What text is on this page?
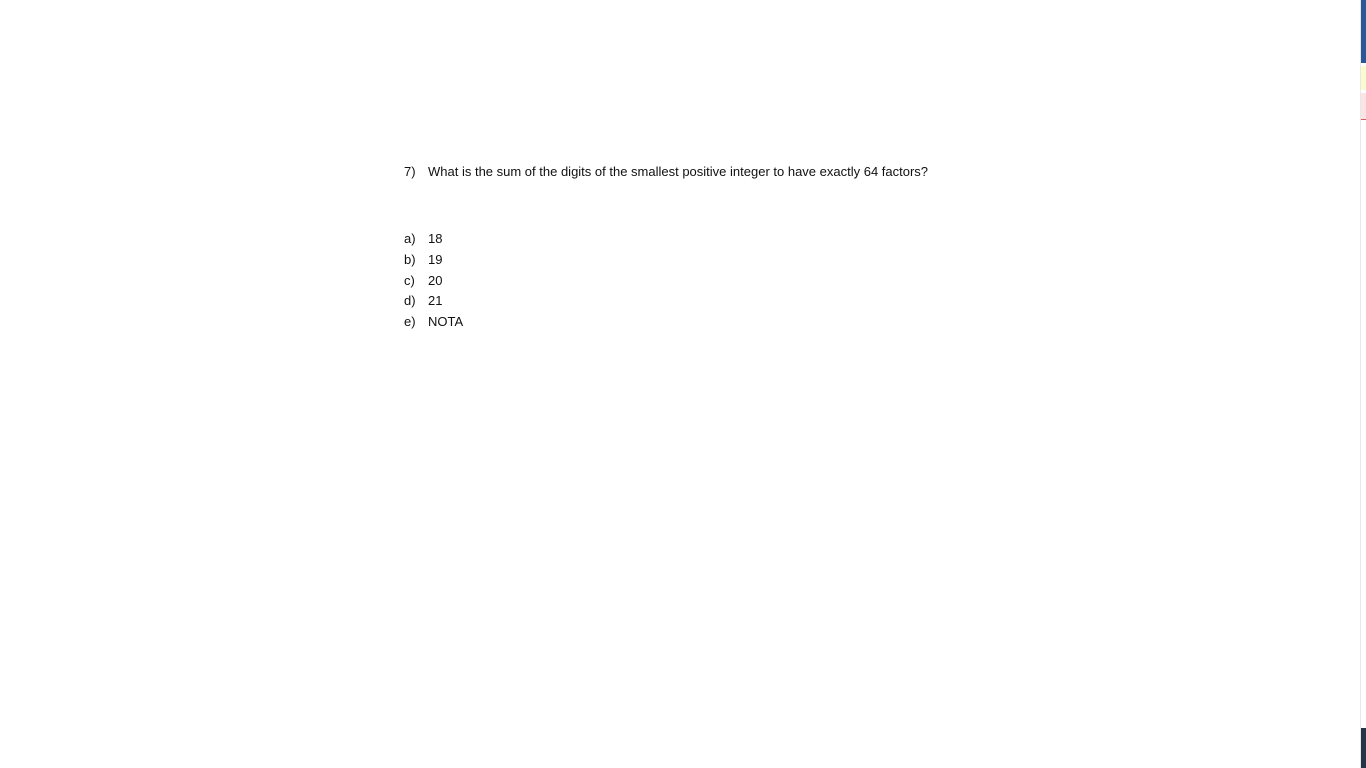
7) What is the sum of the digits of the smallest positive integer to have exactly 64 factors?
a) 18
b) 19
c)	20
d) 21
e) NOTA
